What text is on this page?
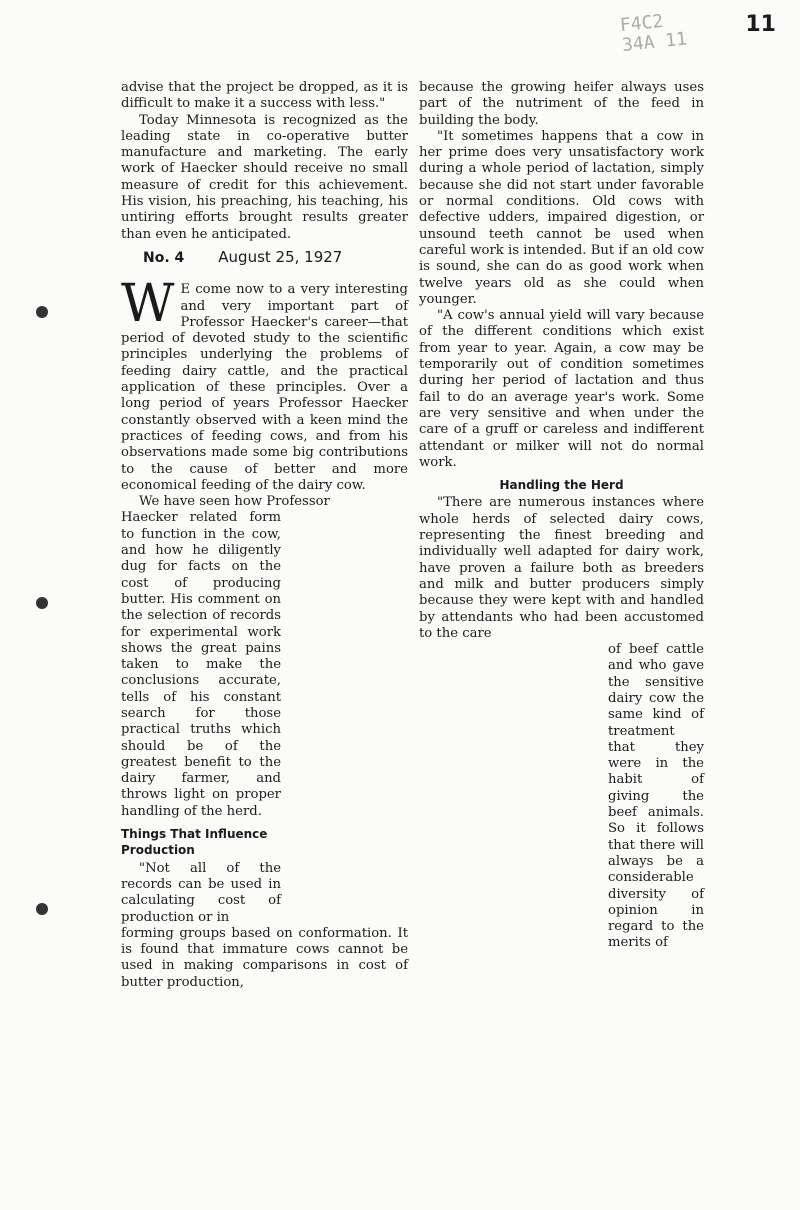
F4C2 34A 11
11

advise that the project be dropped, as it is difficult to make it a success with less."

Today Minnesota is recognized as the leading state in co-operative butter manufacture and marketing. The early work of Haecker should receive no small measure of credit for this achievement. His vision, his preaching, his teaching, his untiring efforts brought results greater than even he anticipated.

No. 4 August 25, 1927

W E come now to a very interesting and very important part of Professor Haecker's career—that period of devoted study to the scientific principles underlying the problems of feeding dairy cattle, and the practical application of these principles. Over a long period of years Professor Haecker constantly observed with a keen mind the practices of feeding cows, and from his observations made some big contributions to the cause of better and more economical feeding of the dairy cow.

We have seen how Professor

Haecker related form to function in the cow, and how he diligently dug for facts on the cost of producing butter. His comment on the selection of records for experimental work shows the great pains taken to make the conclusions accurate, tells of his constant search for those practical truths which should be of the greatest benefit to the dairy farmer, and throws light on proper handling of the herd.

Things That Influence Production

"Not all of the records can be used in calculating cost of production or in

forming groups based on conformation. It is found that immature cows cannot be used in making comparisons in cost of butter production,

because the growing heifer always uses part of the nutriment of the feed in building the body.

"It sometimes happens that a cow in her prime does very unsatisfactory work during a whole period of lactation, simply because she did not start under favorable or normal conditions. Old cows with defective udders, impaired digestion, or unsound teeth cannot be used when careful work is intended. But if an old cow is sound, she can do as good work when twelve years old as she could when younger.

"A cow's annual yield will vary because of the different conditions which exist from year to year. Again, a cow may be temporarily out of condition sometimes during her period of lactation and thus fail to do an average year's work. Some are very sensitive and when under the care of a gruff or careless and indifferent attendant or milker will not do normal work.

Handling the Herd

"There are numerous instances where whole herds of selected dairy cows, representing the finest breeding and individually well adapted for dairy work, have proven a failure both as breeders and milk and butter producers simply because they were kept with and handled by attendants who had been accustomed to the care

of beef cattle and who gave the sensitive dairy cow the same kind of treatment that they were in the habit of giving the beef animals. So it follows that there will always be a considerable diversity of opinion in regard to the merits of
